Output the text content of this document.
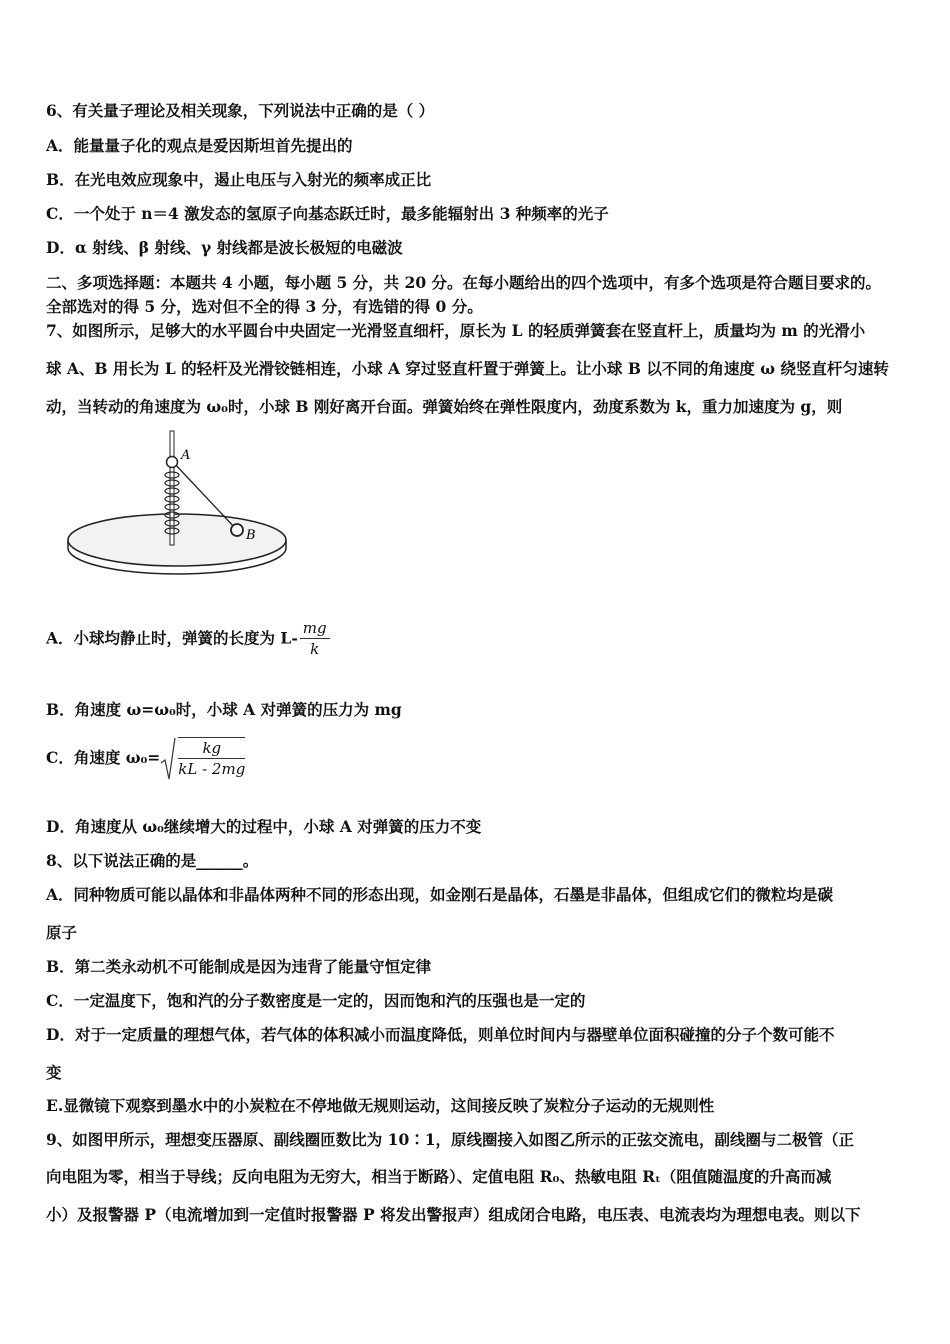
6、有关量子理论及相关现象，下列说法中正确的是（ ）
A．能量量子化的观点是爱因斯坦首先提出的
B．在光电效应现象中，遏止电压与入射光的频率成正比
C．一个处于 n＝4 激发态的氢原子向基态跃迁时，最多能辐射出 3 种频率的光子
D．α 射线、β 射线、γ 射线都是波长极短的电磁波
二、多项选择题：本题共 4 小题，每小题 5 分，共 20 分。在每小题给出的四个选项中，有多个选项是符合题目要求的。
全部选对的得 5 分，选对但不全的得 3 分，有选错的得 0 分。
7、如图所示，足够大的水平圆台中央固定一光滑竖直细杆，原长为 L 的轻质弹簧套在竖直杆上，质量均为 m 的光滑小
球 A、B 用长为 L 的轻杆及光滑铰链相连，小球 A 穿过竖直杆置于弹簧上。让小球 B 以不同的角速度 ω 绕竖直杆匀速转
动，当转动的角速度为 ω₀时，小球 B 刚好离开台面。弹簧始终在弹性限度内，劲度系数为 k，重力加速度为 g，则
A
B
A．小球均静止时，弹簧的长度为 $L- \frac{mg}{k}$
B．角速度 ω=ω₀时，小球 A 对弹簧的压力为 mg
C．角速度 $\omega_0= \frac{kg}{kL - 2mg}$
D．角速度从 ω₀继续增大的过程中，小球 A 对弹簧的压力不变
8、以下说法正确的是______。
A．同种物质可能以晶体和非晶体两种不同的形态出现，如金刚石是晶体，石墨是非晶体，但组成它们的微粒均是碳
原子
B．第二类永动机不可能制成是因为违背了能量守恒定律
C．一定温度下，饱和汽的分子数密度是一定的，因而饱和汽的压强也是一定的
D．对于一定质量的理想气体，若气体的体积减小而温度降低，则单位时间内与器壁单位面积碰撞的分子个数可能不
变
E.显微镜下观察到墨水中的小炭粒在不停地做无规则运动，这间接反映了炭粒分子运动的无规则性
9、如图甲所示，理想变压器原、副线圈匝数比为 10∶1，原线圈接入如图乙所示的正弦交流电，副线圈与二极管（正
向电阻为零，相当于导线；反向电阻为无穷大，相当于断路）、定值电阻 R₀、热敏电阻 Rₜ（阻值随温度的升高而减
小）及报警器 P（电流增加到一定值时报警器 P 将发出警报声）组成闭合电路，电压表、电流表均为理想电表。则以下
